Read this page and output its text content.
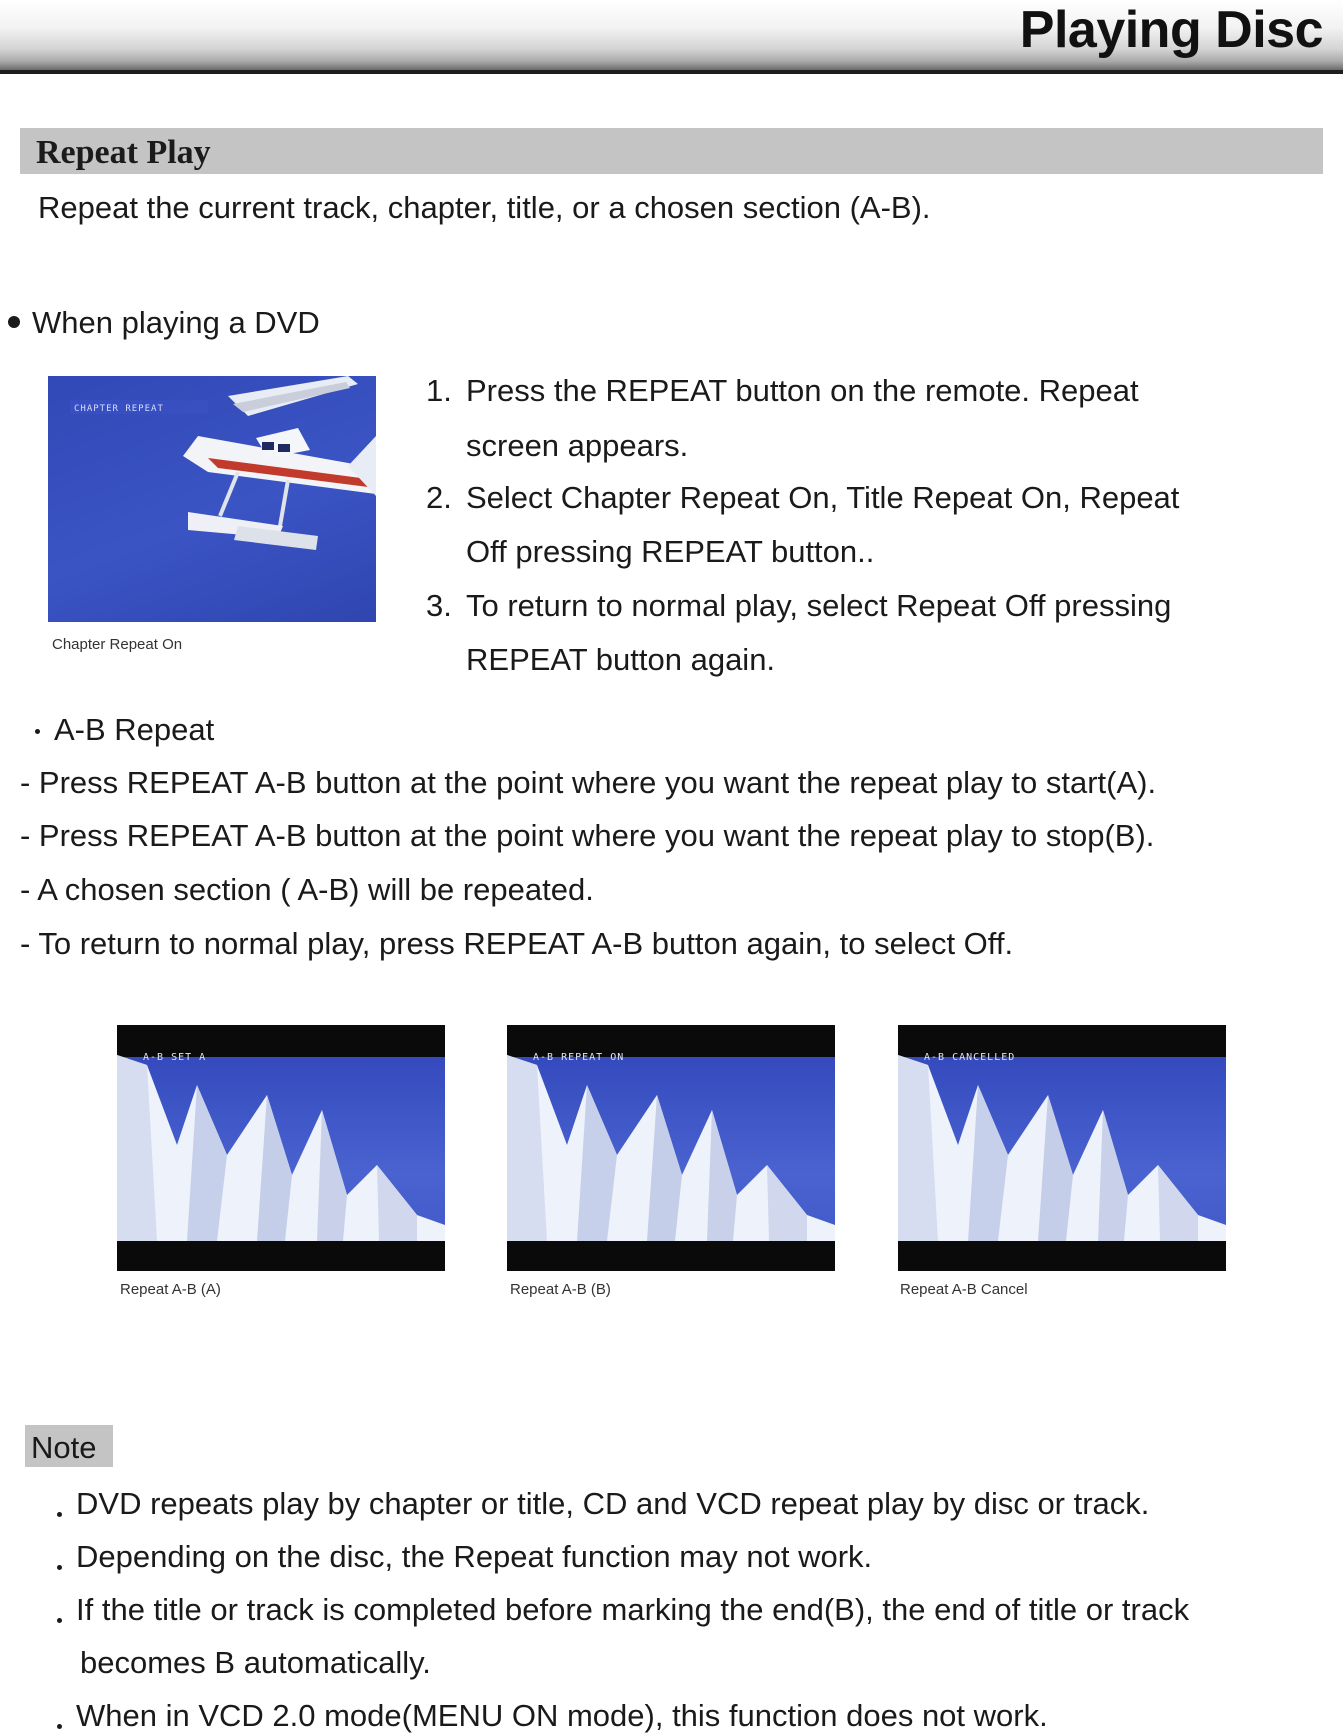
Playing Disc
Repeat Play
Repeat the current track, chapter, title, or a chosen section (A-B).
When playing a DVD
CHAPTER REPEAT
Chapter Repeat On
1. Press the REPEAT button on the remote. Repeat
screen appears.
2. Select Chapter Repeat On, Title Repeat On, Repeat
Off pressing REPEAT button..
3. To return to normal play, select Repeat Off pressing
REPEAT button again.
A-B Repeat
- Press REPEAT A-B button at the point where you want the repeat play to start(A).
- Press REPEAT A-B button at the point where you want the repeat play to stop(B).
- A chosen section ( A-B) will be repeated.
- To return to normal play, press REPEAT A-B button again, to select Off.
A-B SET A
Repeat A-B (A)
A-B REPEAT ON
Repeat A-B (B)
A-B CANCELLED
Repeat A-B Cancel
Note
DVD repeats play by chapter or title, CD and VCD repeat play by disc or track.
Depending on the disc, the Repeat function may not work.
If the title or track is completed before marking the end(B), the end of title or track
becomes B automatically.
When in VCD 2.0 mode(MENU ON mode), this function does not work.
